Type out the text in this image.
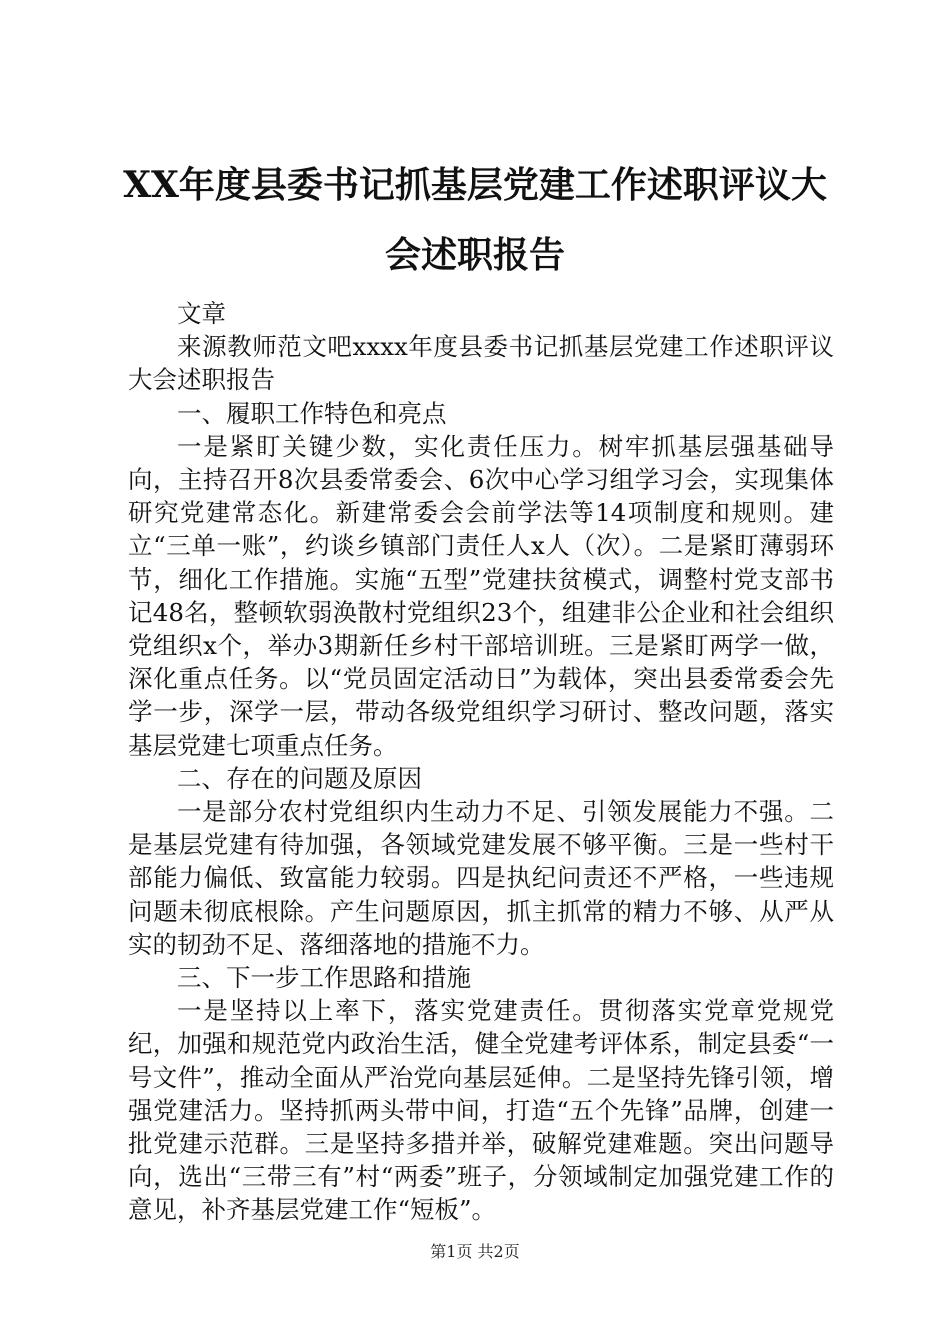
XX年度县委书记抓基层党建工作述职评议大会述职报告

文章

来源教师范文吧xxxx年度县委书记抓基层党建工作述职评议大会述职报告

一、履职工作特色和亮点

一是紧盯关键少数，实化责任压力。树牢抓基层强基础导向，主持召开8次县委常委会、6次中心学习组学习会，实现集体研究党建常态化。新建常委会会前学法等14项制度和规则。建立“三单一账”，约谈乡镇部门责任人x人（次）。二是紧盯薄弱环节，细化工作措施。实施“五型”党建扶贫模式，调整村党支部书记48名，整顿软弱涣散村党组织23个，组建非公企业和社会组织党组织x个，举办3期新任乡村干部培训班。三是紧盯两学一做，深化重点任务。以“党员固定活动日”为载体，突出县委常委会先学一步，深学一层，带动各级党组织学习研讨、整改问题，落实基层党建七项重点任务。

二、存在的问题及原因

一是部分农村党组织内生动力不足、引领发展能力不强。二是基层党建有待加强，各领域党建发展不够平衡。三是一些村干部能力偏低、致富能力较弱。四是执纪问责还不严格，一些违规问题未彻底根除。产生问题原因，抓主抓常的精力不够、从严从实的韧劲不足、落细落地的措施不力。

三、下一步工作思路和措施

一是坚持以上率下，落实党建责任。贯彻落实党章党规党纪，加强和规范党内政治生活，健全党建考评体系，制定县委“一号文件”，推动全面从严治党向基层延伸。二是坚持先锋引领，增强党建活力。坚持抓两头带中间，打造“五个先锋”品牌，创建一批党建示范群。三是坚持多措并举，破解党建难题。突出问题导向，选出“三带三有”村“两委”班子，分领域制定加强党建工作的意见，补齐基层党建工作“短板”。

第1页 共2页
